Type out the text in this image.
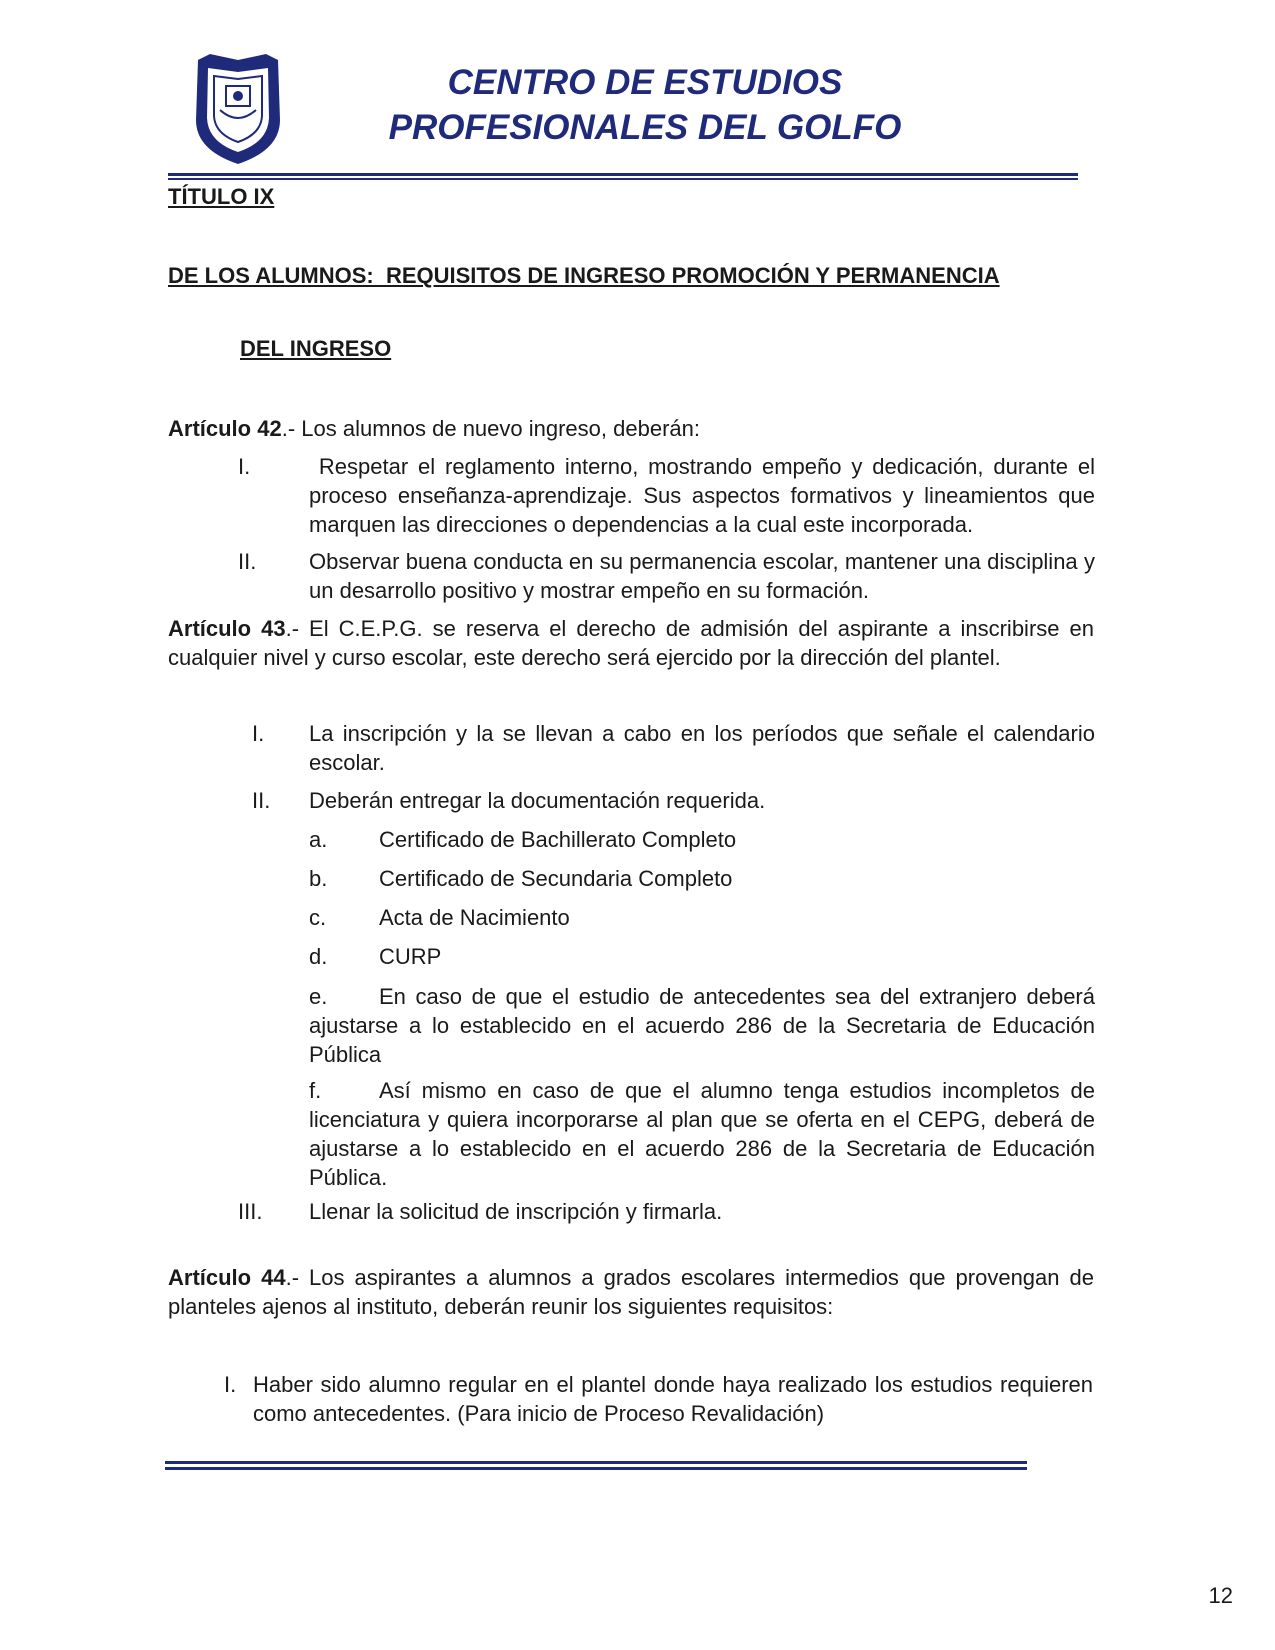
CENTRO DE ESTUDIOS
PROFESIONALES DEL GOLFO
TÍTULO IX
DE LOS ALUMNOS:  REQUISITOS DE INGRESO PROMOCIÓN Y PERMANENCIA
DEL INGRESO
Artículo 42.- Los alumnos de nuevo ingreso, deberán:
I.	Respetar el reglamento interno, mostrando empeño y dedicación, durante el proceso enseñanza-aprendizaje. Sus aspectos formativos y lineamientos que marquen las direcciones o dependencias a la cual este incorporada.
II. Observar buena conducta en su permanencia escolar, mantener una disciplina y un desarrollo positivo y mostrar empeño en su formación.
Artículo 43.- El C.E.P.G. se reserva el derecho de admisión del aspirante a inscribirse en cualquier nivel y curso escolar, este derecho será ejercido por la dirección del plantel.
I. La inscripción y la se llevan a cabo en los períodos que señale el calendario escolar.
II. Deberán entregar la documentación requerida.
a. Certificado de Bachillerato Completo
b. Certificado de Secundaria Completo
c. Acta de Nacimiento
d. CURP
e. En caso de que el estudio de antecedentes sea del extranjero deberá ajustarse a lo establecido en el acuerdo 286 de la Secretaria de Educación Pública
f.	Así mismo en caso de que el alumno tenga estudios incompletos de licenciatura y quiera incorporarse al plan que se oferta en el CEPG, deberá de ajustarse a lo establecido en el acuerdo 286 de la Secretaria de Educación Pública.
III. Llenar la solicitud de inscripción y firmarla.
Artículo 44.- Los aspirantes a alumnos a grados escolares intermedios que provengan de planteles ajenos al instituto, deberán reunir los siguientes requisitos:
I. Haber sido alumno regular en el plantel donde haya realizado los estudios requieren como antecedentes. (Para inicio de Proceso Revalidación)
12
